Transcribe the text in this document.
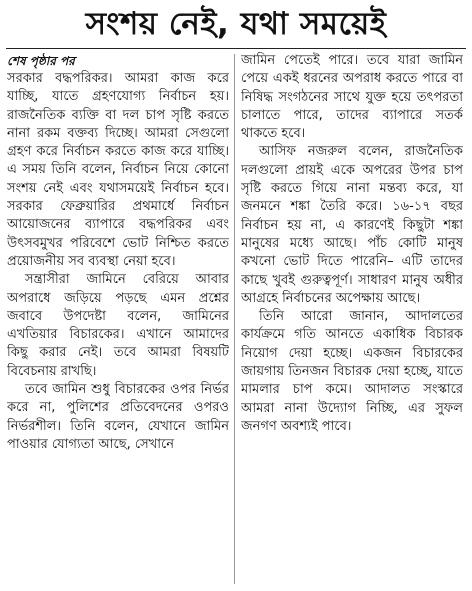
সংশয় নেই, যথা সময়েই
শেষ পৃষ্ঠার পর

সরকার বদ্ধপরিকর। আমরা কাজ করে যাচ্ছি, যাতে গ্রহণযোগ্য নির্বাচন হয়। রাজনৈতিক ব্যক্তি বা দল চাপ সৃষ্টি করতে নানা রকম বক্তব্য দিচ্ছে। আমরা সেগুলো গ্রহণ করে নির্বাচন করতে কাজ করে যাচ্ছি। এ সময় তিনি বলেন, নির্বাচন নিয়ে কোনো সংশয় নেই এবং যথাসময়েই নির্বাচন হবে। সরকার ফেব্রুয়ারির প্রথমার্ধে নির্বাচন আয়োজনের ব্যাপারে বদ্ধপরিকর এবং উৎসবমুখর পরিবেশে ভোট নিশ্চিত করতে প্রয়োজনীয় সব ব্যবস্থা নেয়া হবে।

সন্ত্রাসীরা জামিনে বেরিয়ে আবার অপরাধে জড়িয়ে পড়ছে এমন প্রশ্নের জবাবে উপদেষ্টা বলেন, জামিনের এখতিয়ার বিচারকের। এখানে আমাদের কিছু করার নেই। তবে আমরা বিষয়টি বিবেচনায় রাখছি।

তবে জামিন শুধু বিচারকের ওপর নির্ভর করে না, পুলিশের প্রতিবেদনের ওপরও নির্ভরশীল। তিনি বলেন, যেখানে জামিন পাওয়ার যোগ্যতা আছে, সেখানে

জামিন পেতেই পারে। তবে যারা জামিন পেয়ে একই ধরনের অপরাধ করতে পারে বা নিষিদ্ধ সংগঠনের সাথে যুক্ত হয়ে তৎপরতা চালাতে পারে, তাদের ব্যাপারে সতর্ক থাকতে হবে।

আসিফ নজরুল বলেন, রাজনৈতিক দলগুলো প্রায়ই একে অপরের উপর চাপ সৃষ্টি করতে গিয়ে নানা মন্তব্য করে, যা জনমনে শঙ্কা তৈরি করে। ১৬-১৭ বছর নির্বাচন হয় না, এ কারণেই কিছুটা শঙ্কা মানুষের মধ্যে আছে। পাঁচ কোটি মানুষ কখনো ভোট দিতে পারেনি– এটি তাদের কাছে খুবই গুরুত্বপূর্ণ। সাধারণ মানুষ অধীর আগ্রহে নির্বাচনের অপেক্ষায় আছে।

তিনি আরো জানান, আদালতের কার্যক্রমে গতি আনতে একাধিক বিচারক নিয়োগ দেয়া হচ্ছে। একজন বিচারকের জায়গায় তিনজন বিচারক দেয়া হচ্ছে, যাতে মামলার চাপ কমে। আদালত সংস্কারে আমরা নানা উদ্যোগ নিচ্ছি, এর সুফল জনগণ অবশ্যই পাবে।
